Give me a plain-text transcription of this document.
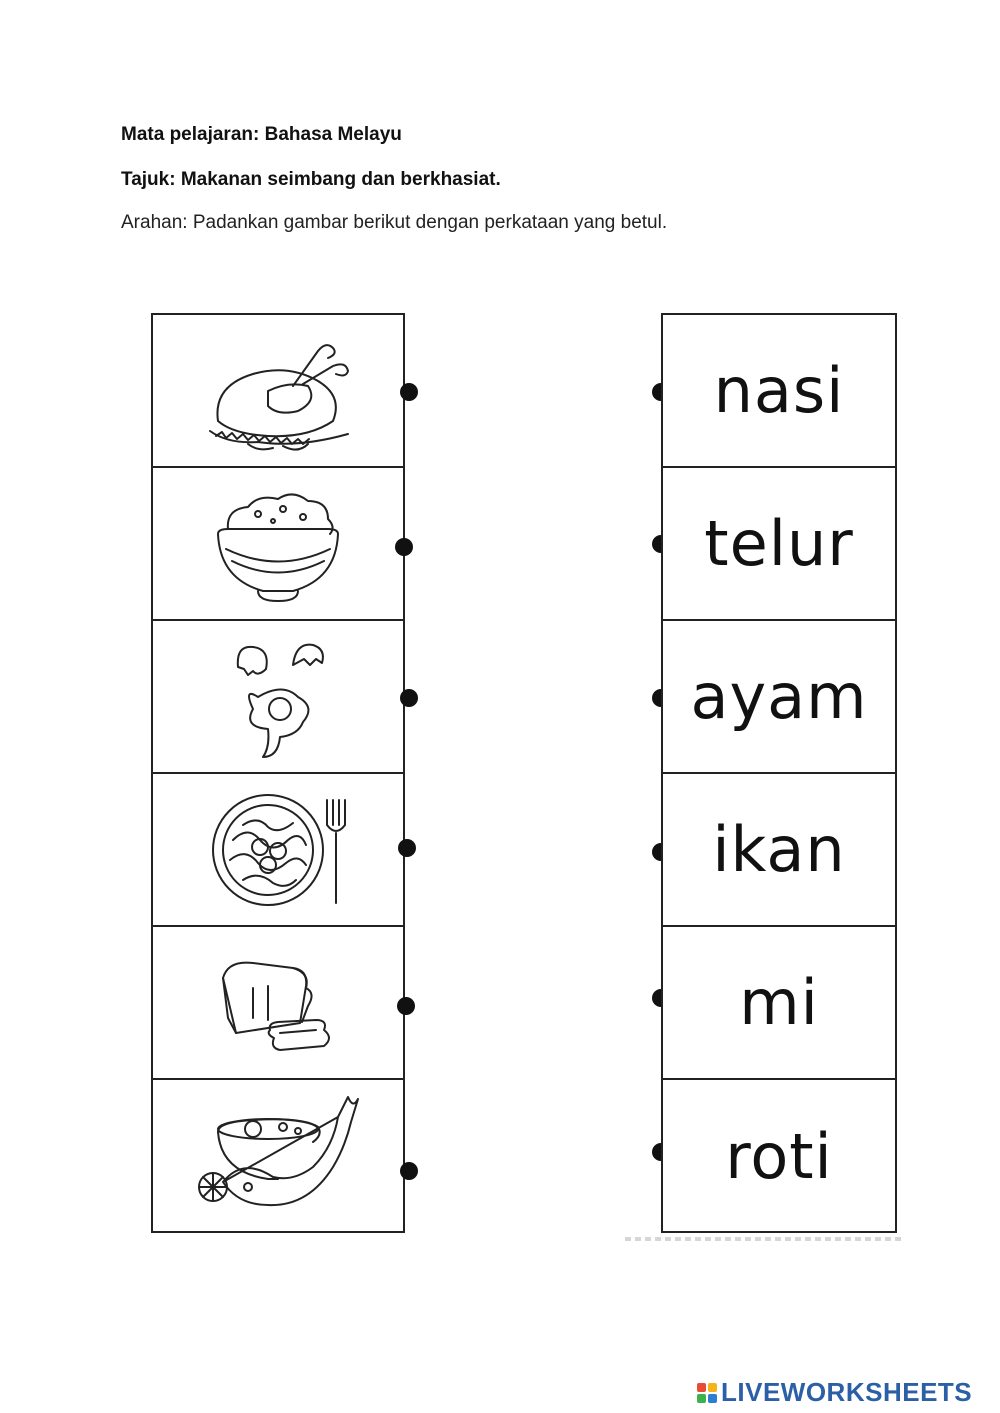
Mata pelajaran: Bahasa Melayu

Tajuk: Makanan seimbang dan berkhasiat.

Arahan: Padankan gambar berikut dengan perkataan yang betul.

nasi
telur
ayam
ikan
mi
roti
LIVEWORKSHEETS
